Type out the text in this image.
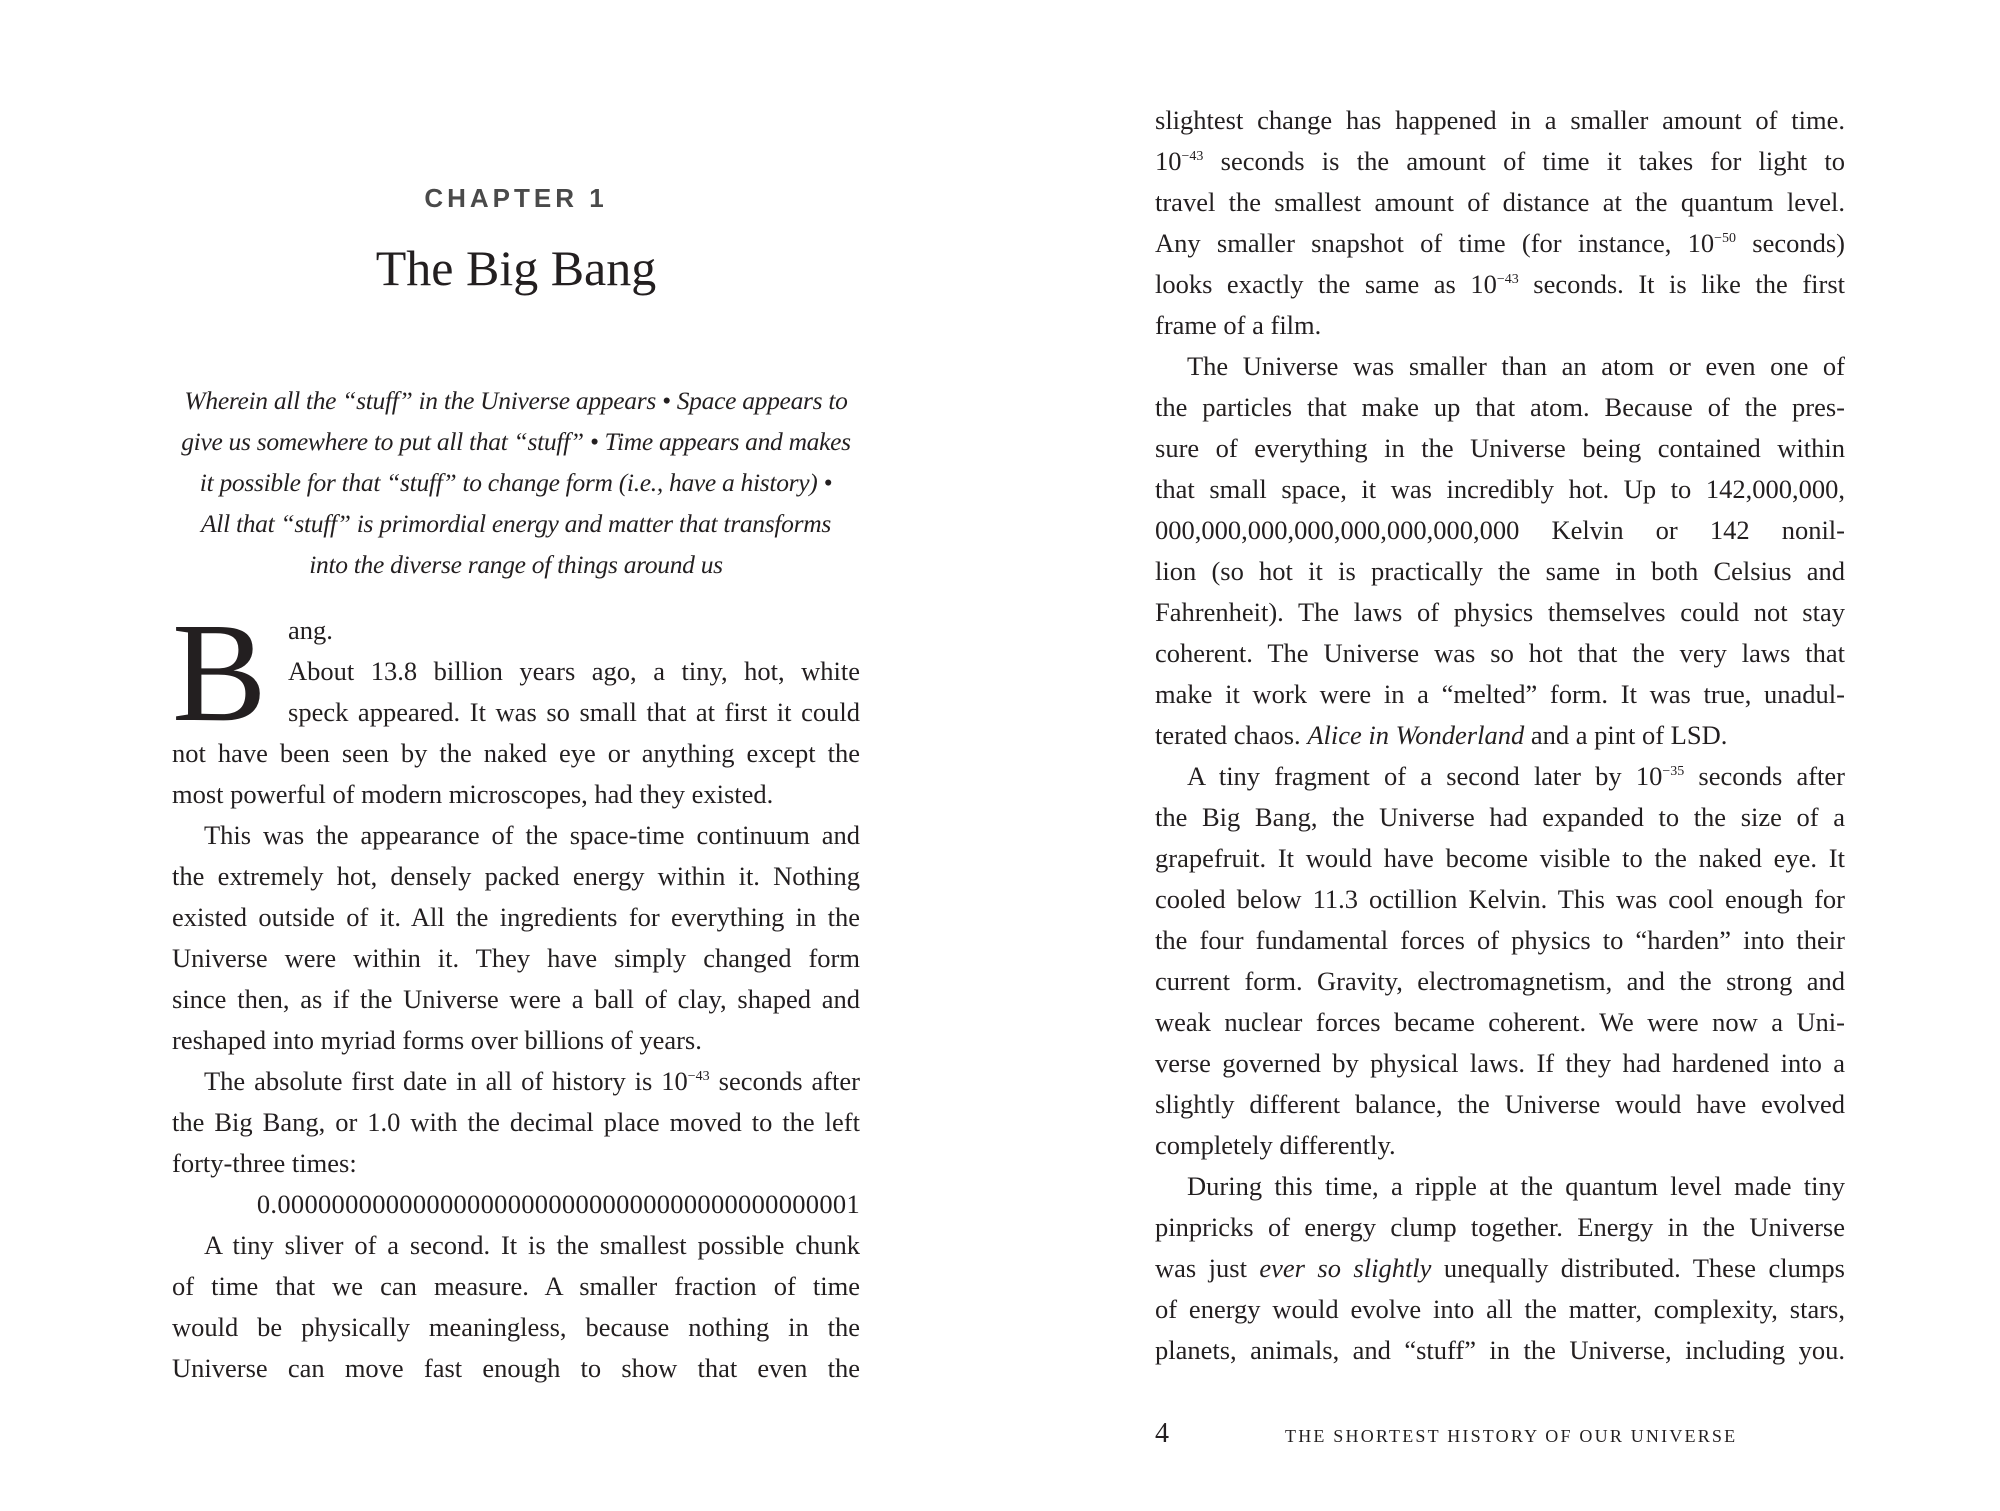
CHAPTER 1
The Big Bang
Wherein all the “stuff” in the Universe appears • Space appears to
give us somewhere to put all that “stuff” • Time appears and makes
it possible for that “stuff” to change form (i.e., have a history) •
All that “stuff” is primordial energy and matter that transforms
into the diverse range of things around us
B ang.
About 13.8 billion years ago, a tiny, hot, white
speck appeared. It was so small that at first it could
not have been seen by the naked eye or anything except the
most powerful of modern microscopes, had they existed.
This was the appearance of the space-time continuum and
the extremely hot, densely packed energy within it. Nothing
existed outside of it. All the ingredients for everything in the
Universe were within it. They have simply changed form
since then, as if the Universe were a ball of clay, shaped and
reshaped into myriad forms over billions of years.
The absolute first date in all of history is $10^{-43}$ seconds after
the Big Bang, or 1.0 with the decimal place moved to the left
forty-three times:
0.0000000000000000000000000000000000000000001
A tiny sliver of a second. It is the smallest possible chunk
of time that we can measure. A smaller fraction of time
would be physically meaningless, because nothing in the
Universe can move fast enough to show that even the
slightest change has happened in a smaller amount of time.
$10^{-43}$ seconds is the amount of time it takes for light to
travel the smallest amount of distance at the quantum level.
Any smaller snapshot of time (for instance, $10^{-50}$ seconds)
looks exactly the same as $10^{-43}$ seconds. It is like the first
frame of a film.
The Universe was smaller than an atom or even one of
the particles that make up that atom. Because of the pres-
sure of everything in the Universe being contained within
that small space, it was incredibly hot. Up to 142,000,000,
000,000,000,000,000,000,000,000 Kelvin or 142 nonil-
lion (so hot it is practically the same in both Celsius and
Fahrenheit). The laws of physics themselves could not stay
coherent. The Universe was so hot that the very laws that
make it work were in a “melted” form. It was true, unadul-
terated chaos. Alice in Wonderland and a pint of LSD.
A tiny fragment of a second later by $10^{-35}$ seconds after
the Big Bang, the Universe had expanded to the size of a
grapefruit. It would have become visible to the naked eye. It
cooled below 11.3 octillion Kelvin. This was cool enough for
the four fundamental forces of physics to “harden” into their
current form. Gravity, electromagnetism, and the strong and
weak nuclear forces became coherent. We were now a Uni-
verse governed by physical laws. If they had hardened into a
slightly different balance, the Universe would have evolved
completely differently.
During this time, a ripple at the quantum level made tiny
pinpricks of energy clump together. Energy in the Universe
was just ever so slightly unequally distributed. These clumps
of energy would evolve into all the matter, complexity, stars,
planets, animals, and “stuff” in the Universe, including you.
4	THE SHORTEST HISTORY OF OUR UNIVERSE
